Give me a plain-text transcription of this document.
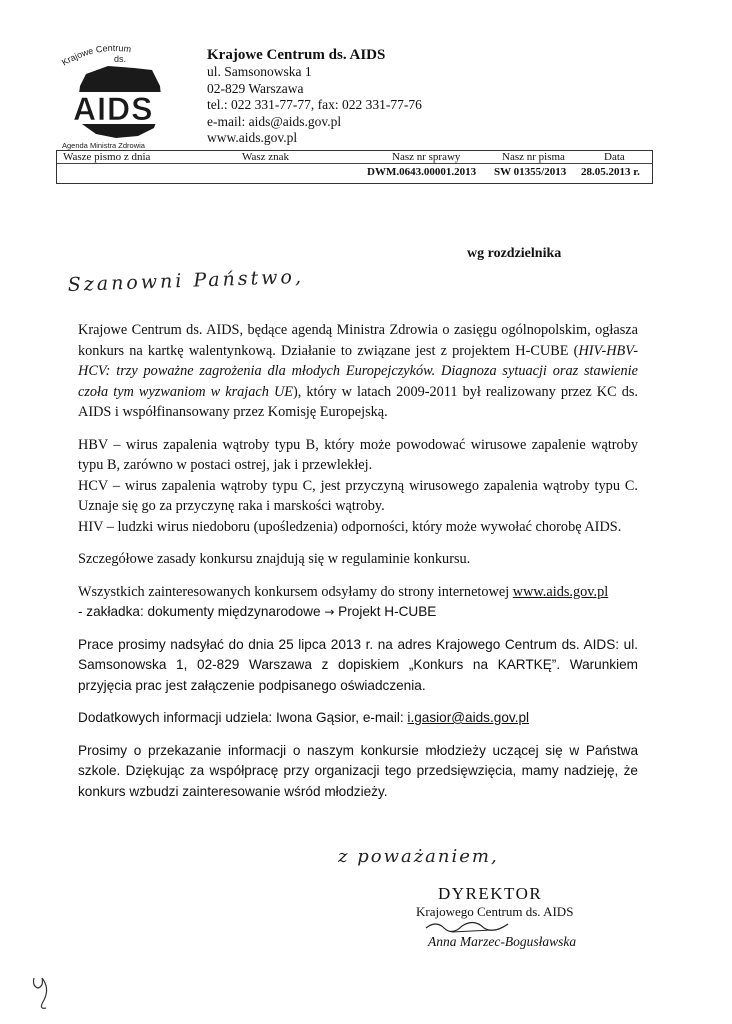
Krajowe Centrum
ds.
AIDS
Agenda Ministra Zdrowia
Krajowe Centrum ds. AIDS
ul. Samsonowska 1
02-829 Warszawa
tel.: 022 331-77-77, fax: 022 331-77-76
e-mail: aids@aids.gov.pl
www.aids.gov.pl
Wasze pismo z dnia	Wasz znak	Nasz nr sprawy
DWM.0643.00001.2013
Nasz nr pisma
SW 01355/2013
Data
28.05.2013 r.
wg rozdzielnika
Szanowni Państwo,

Krajowe Centrum ds. AIDS, będące agendą Ministra Zdrowia o zasięgu ogólnopolskim, ogłasza konkurs na kartkę walentynkową. Działanie to związane jest z projektem H-CUBE (HIV-HBV-HCV: trzy poważne zagrożenia dla młodych Europejczyków. Diagnoza sytuacji oraz stawienie czoła tym wyzwaniom w krajach UE), który w latach 2009-2011 był realizowany przez KC ds. AIDS i współfinansowany przez Komisję Europejską.

HBV – wirus zapalenia wątroby typu B, który może powodować wirusowe zapalenie wątroby typu B, zarówno w postaci ostrej, jak i przewlekłej.

HCV – wirus zapalenia wątroby typu C, jest przyczyną wirusowego zapalenia wątroby typu C. Uznaje się go za przyczynę raka i marskości wątroby.

HIV – ludzki wirus niedoboru (upośledzenia) odporności, który może wywołać chorobę AIDS.

Szczegółowe zasady konkursu znajdują się w regulaminie konkursu.

Wszystkich zainteresowanych konkursem odsyłamy do strony internetowej www.aids.gov.pl
- zakładka: dokumenty międzynarodowe → Projekt H-CUBE

Prace prosimy nadsyłać do dnia 25 lipca 2013 r. na adres Krajowego Centrum ds. AIDS: ul. Samsonowska 1, 02-829 Warszawa z dopiskiem „Konkurs na KARTKĘ”. Warunkiem przyjęcia prac jest załączenie podpisanego oświadczenia.

Dodatkowych informacji udziela: Iwona Gąsior, e-mail: i.gasior@aids.gov.pl

Prosimy o przekazanie informacji o naszym konkursie młodzieży uczącej się w Państwa szkole. Dziękując za współpracę przy organizacji tego przedsięwzięcia, mamy nadzieję, że konkurs wzbudzi zainteresowanie wśród młodzieży.

z poważaniem,
DYREKTOR
Krajowego Centrum ds. AIDS
Anna Marzec-Bogusławska
